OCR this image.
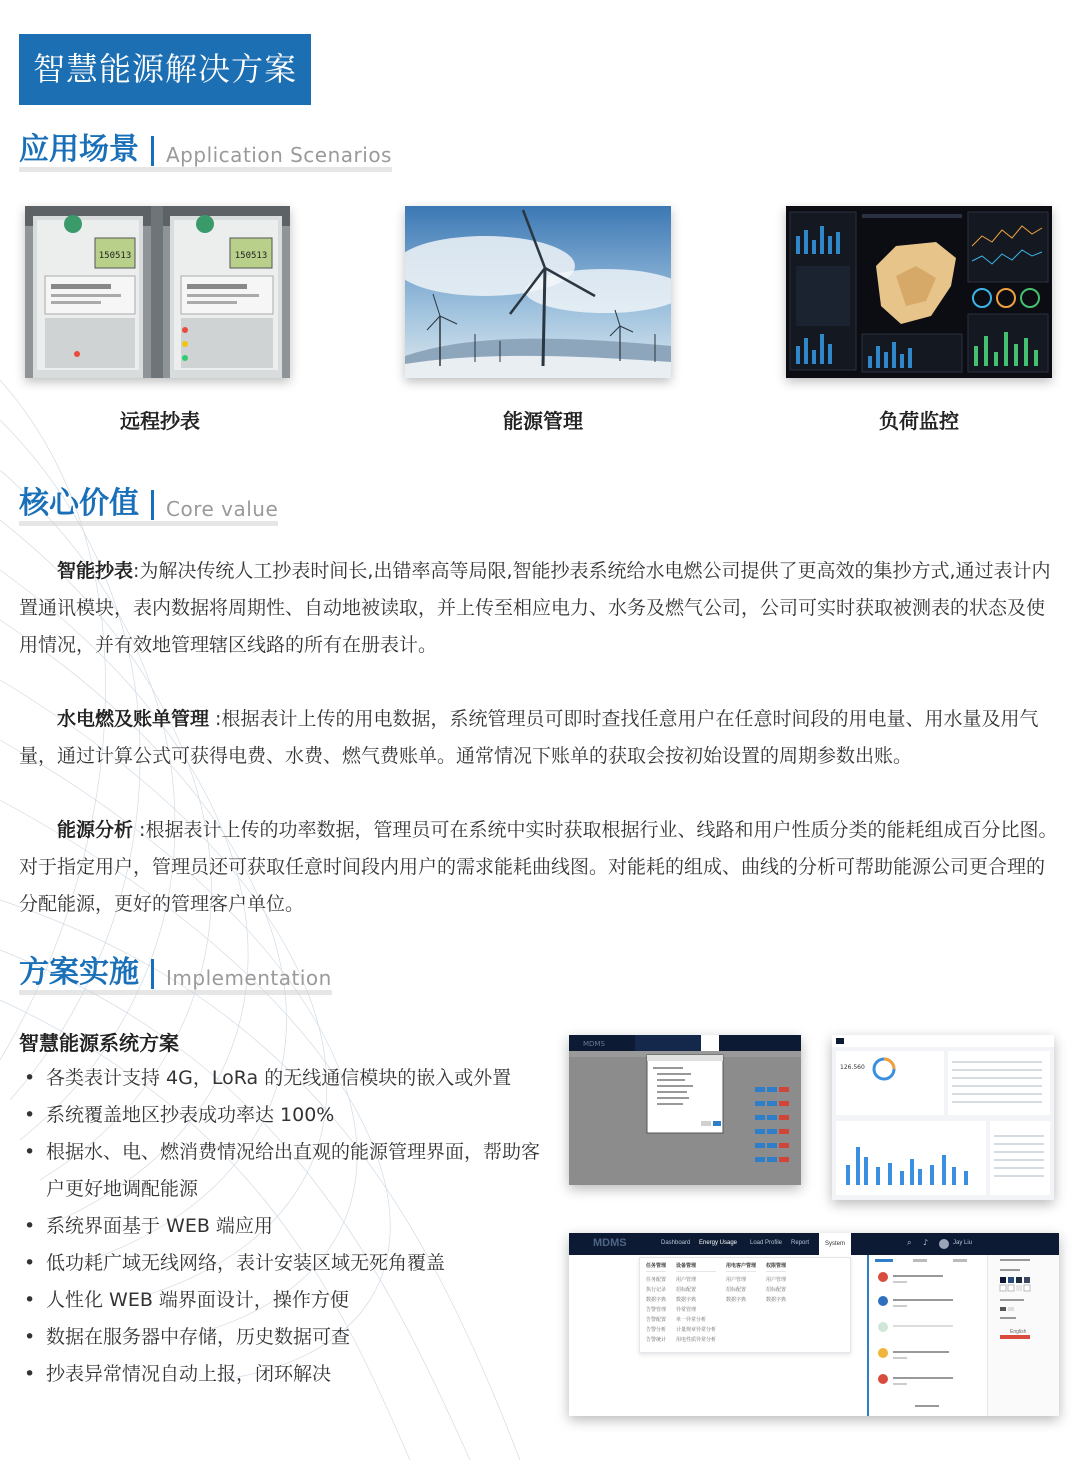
智慧能源解决方案
应用场景 Application Scenarios
150513	150513
远程抄表	能源管理	负荷监控
核心价值 Core value

智能抄表:为解决传统人工抄表时间长,出错率高等局限,智能抄表系统给水电燃公司提供了更高效的集抄方式,通过表计内置通讯模块，表内数据将周期性、自动地被读取，并上传至相应电力、水务及燃气公司，公司可实时获取被测表的状态及使用情况，并有效地管理辖区线路的所有在册表计。

水电燃及账单管理 :根据表计上传的用电数据，系统管理员可即时查找任意用户在任意时间段的用电量、用水量及用气量，通过计算公式可获得电费、水费、燃气费账单。通常情况下账单的获取会按初始设置的周期参数出账。

能源分析 :根据表计上传的功率数据，管理员可在系统中实时获取根据行业、线路和用户性质分类的能耗组成百分比图。对于指定用户，管理员还可获取任意时间段内用户的需求能耗曲线图。对能耗的组成、曲线的分析可帮助能源公司更合理的分配能源，更好的管理客户单位。

方案实施 Implementation
智慧能源系统方案
• 各类表计支持 4G，LoRa 的无线通信模块的嵌入或外置
• 系统覆盖地区抄表成功率达 100%
• 根据水、电、燃消费情况给出直观的能源管理界面，帮助客户更好地调配能源
• 系统界面基于 WEB 端应用
• 低功耗广域无线网络，表计安装区域无死角覆盖
• 人性化 WEB 端界面设计，操作方便
• 数据在服务器中存储，历史数据可查
• 抄表异常情况自动上报，闭环解决
MDMS
126.560
MDMS	Dashboard Energy Usage Load Profile Report	System	⌕ ♪	Jay Liu
任务管理
任务配置
执行记录
数据字典
告警管理
告警配置
告警分析
告警统计
设备管理
用户管理
招标配置
数据字典
异常管理
单一异常分析
计量规章异常分析
用电性质异常分析
用电客户管理
用户管理
招标配置
数据字典
权限管理
用户管理
招标配置
数据字典
English
